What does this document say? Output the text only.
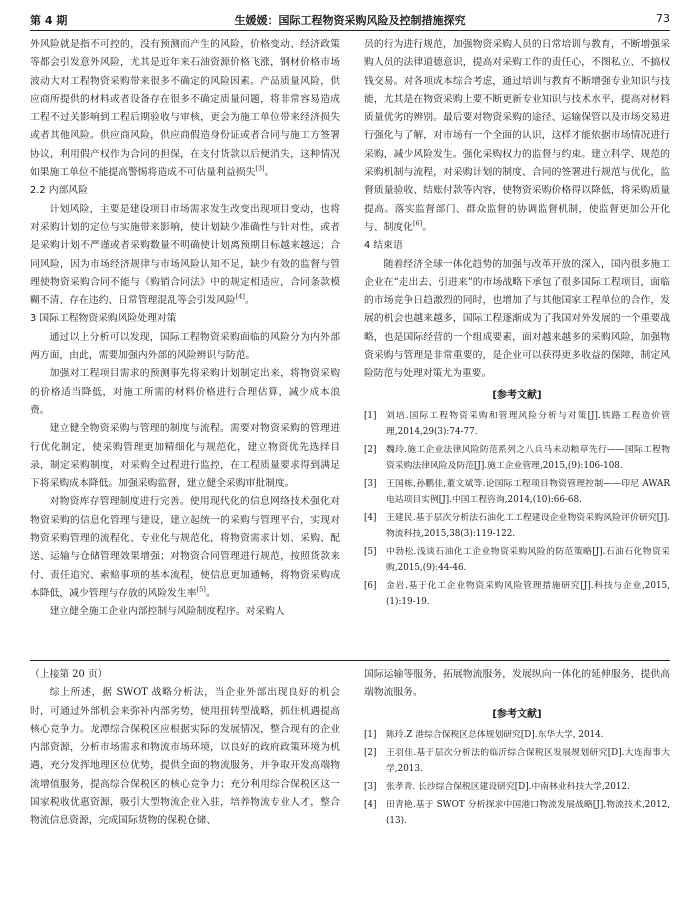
第 4 期	生媛媛：国际工程物资采购风险及控制措施探究	73

外风险就是指不可控的，没有预测而产生的风险，价格变动、经济政策等都会引发意外风险，尤其是近年来石油资源价格飞涨，钢材价格市场波动大对工程物资采购带来很多不确定的风险因素。产品质量风险，供应商所提供的材料或者设备存在很多不确定质量问题，将非常容易造成工程不过关影响到工程后期验收与审核，更会为施工单位带来经济损失或者其他风险。供应商风险，供应商假造身份证或者合同与施工方签署协议，利用假产权作为合同的担保，在支付货款以后便消失，这种情况如果施工单位不能提高警惕将造成不可估量利益损失[3]。

2.2 内部风险

计划风险，主要是建设项目市场需求发生改变出现项目变动，也将对采购计划的定位与实施带来影响，使计划缺少准确性与针对性，或者是采购计划不严谨或者采购数量不明确使计划离预期目标越来越远；合同风险，因为市场经济规律与市场风险认知不足，缺少有效的监督与管理使物资采购合同不能与《购销合同法》中的规定相适应，合同条款模糊不清、存在违约、日常管理混乱等会引发风险[4]。

3 国际工程物资采购风险处理对策

通过以上分析可以发现，国际工程物资采购面临的风险分为内外部两方面，由此，需要加强内外部的风险辨识与防范。

加强对工程项目需求的预测事先将采购计划制定出来，将物资采购的价格适当降低，对施工所需的材料价格进行合理估算，减少成本浪费。

建立健全物资采购与管理的制度与流程。需要对物资采购的管理进行优化制定，使采购管理更加精细化与规范化，建立物资优先选择目录，制定采购制度，对采购全过程进行监控，在工程质量要求得到满足下将采购成本降低。加强采购监督，建立健全采购审批制度。

对物资库存管理制度进行完善。使用现代化的信息网络技术强化对物资采购的信息化管理与建设，建立起统一的采购与管理平台，实现对物资采购管理的流程化、专业化与规范化，将物资需求计划、采购、配送、运输与仓储管理效果增强；对物资合同管理进行规范，按照货款来付、责任追究、索赔事项的基本流程，使信息更加通畅，将物资采购成本降低，减少管理与存放的风险发生率[5]。

建立健全施工企业内部控制与风险制度程序。对采购人

员的行为进行规范，加强物资采购人员的日常培训与教育，不断增强采购人员的法律道德意识，提高对采购工作的责任心，不图私立、不搞权钱交易。对各项成本综合考虑，通过培训与教育不断增强专业知识与技能，尤其是在物资采购上要不断更新专业知识与技术水平，提高对材料质量优劣的辨别。最后要对物资采购的途径、运输保管以及市场交易进行强化与了解，对市场有一个全面的认识，这样才能依据市场情况进行采购，减少风险发生。强化采购权力的监督与约束。建立科学、规范的采购机制与流程，对采购计划的制度、合同的签署进行规范与优化，监督质量验收、结账付款等内容，使物资采购价格得以降低，将采购质量提高。落实监督部门、群众监督的协调监督机制，使监督更加公开化与、制度化[6]。

4 结束语

随着经济全球一体化趋势的加强与改革开放的深入，国内很多施工企业在“走出去、引进来”的市场战略下承包了很多国际工程项目，面临的市场竞争日趋激烈的同时，也增加了与其他国家工程单位的合作，发展的机会也越来越多，国际工程逐渐成为了我国对外发展的一个重要战略，也是国际经营的一个组成要素，面对越来越多的采购风险，加强物资采购与管理是非常重要的，是企业可以获得更多收益的保障，制定风险防范与处理对策尤为重要。

[参考文献]
[1]	刘培.国际工程物资采购和管理风险分析与对策[J].铁路工程造价管理,2014,29(3):74-77.
[2]	魏玲.施工企业法律风险防范系列之八兵马未动粮草先行——国际工程物资采购法律风险及防范[J].施工企业管理,2015,(9):106-108.
[3]	王国栋,孙鹏佳,董文斌等.论国际工程项目物资管理控制——印尼 AWAR 电站项目实例[J].中国工程咨询,2014,(10):66-68.
[4]	王建民.基于层次分析法石油化工工程建设企业物资采购风险评价研究[J].物流科技,2015,38(3):119-122.
[5]	中勃松.浅谈石油化工企业物资采购风险的防范策略[J].石油石化物资采购,2015,(9):44-46.
[6]	金岩.基于化工企业物资采购风险管理措施研究[J].科技与企业,2015,(1):19-19.
（上接第 20 页）

综上所述，据 SWOT 战略分析法，当企业外部出现良好的机会时，可通过外部机会来弥补内部劣势，使用扭转型战略，抓住机遇提高核心竞争力。龙潭综合保税区应根据实际的发展情况，整合现有的企业内部资源，分析市场需求和物流市场环境，以良好的政府政策环境为机遇，充分发挥地理区位优势，提供全面的物流服务，并争取开发高端物流增值服务，提高综合保税区的核心竞争力；充分利用综合保税区这一国家税收优惠资源，吸引大型物流企业入驻，培养物流专业人才，整合物流信息资源，完成国际货物的保税仓储、

国际运输等服务，拓展物流服务，发展纵向一体化的延伸服务，提供高端物流服务。

[参考文献]
[1]	陈玲.Z 港综合保税区总体规划研究[D].东华大学, 2014.
[2]	王羽佳.基于层次分析法的临沂综合保税区发展规划研究[D].大连海事大学,2013.
[3]	张孝青. 长沙综合保税区建设研究[D].中南林业科技大学,2012.
[4]	田青艳.基于 SWOT 分析探求中国港口物流发展战略[J].物流技术,2012,(13).
